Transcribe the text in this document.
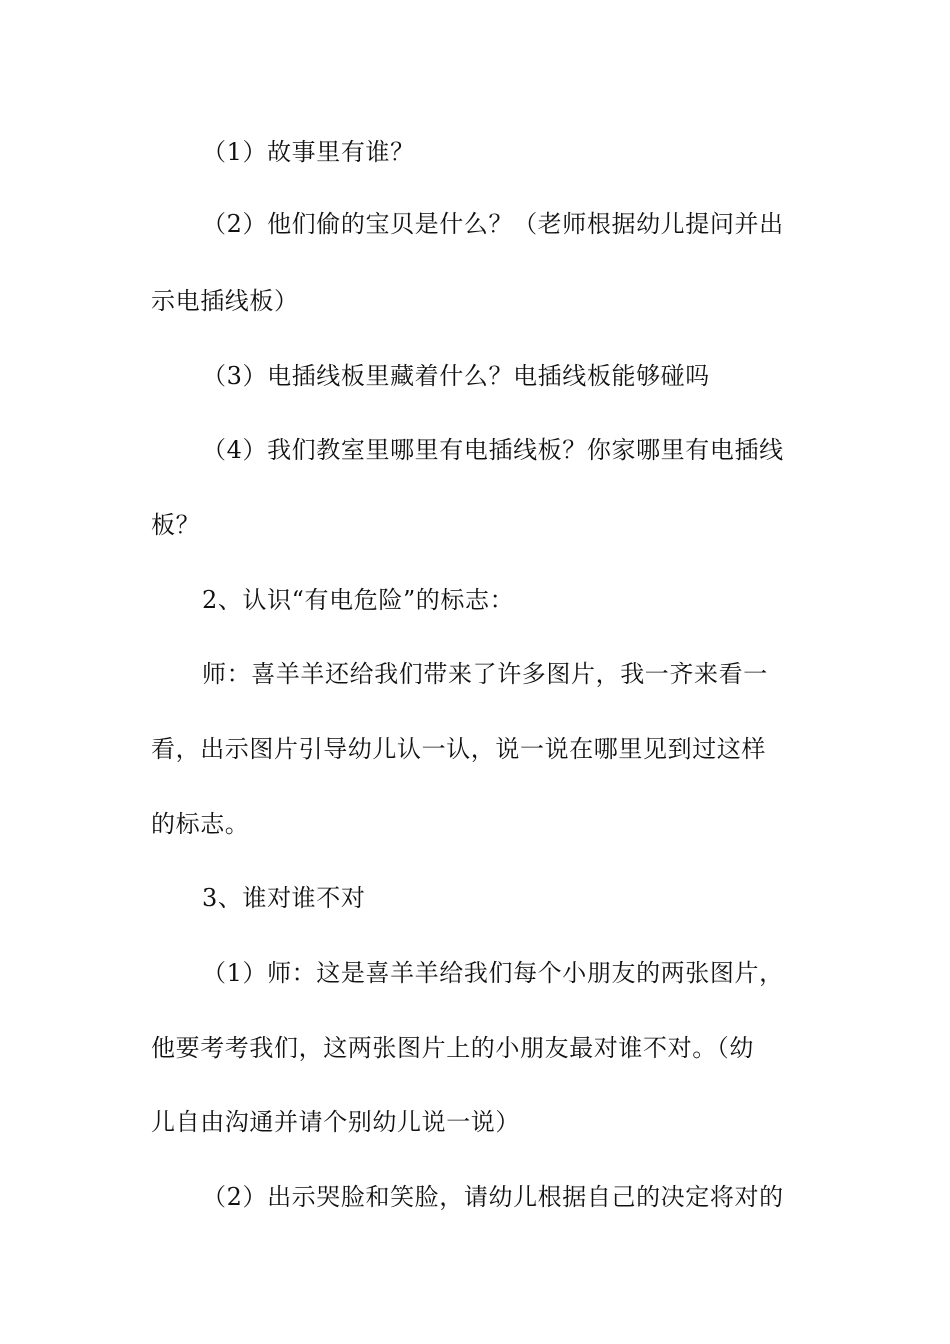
（1）故事里有谁？
（2）他们偷的宝贝是什么？（老师根据幼儿提问并出
示电插线板）
（3）电插线板里藏着什么？电插线板能够碰吗
（4）我们教室里哪里有电插线板？你家哪里有电插线
板？
2、认识“有电危险”的标志：
师：喜羊羊还给我们带来了许多图片，我一齐来看一
看，出示图片引导幼儿认一认，说一说在哪里见到过这样
的标志。
3、谁对谁不对
（1）师：这是喜羊羊给我们每个小朋友的两张图片，
他要考考我们，这两张图片上的小朋友最对谁不对。（幼
儿自由沟通并请个别幼儿说一说）
（2）出示哭脸和笑脸，请幼儿根据自己的决定将对的
